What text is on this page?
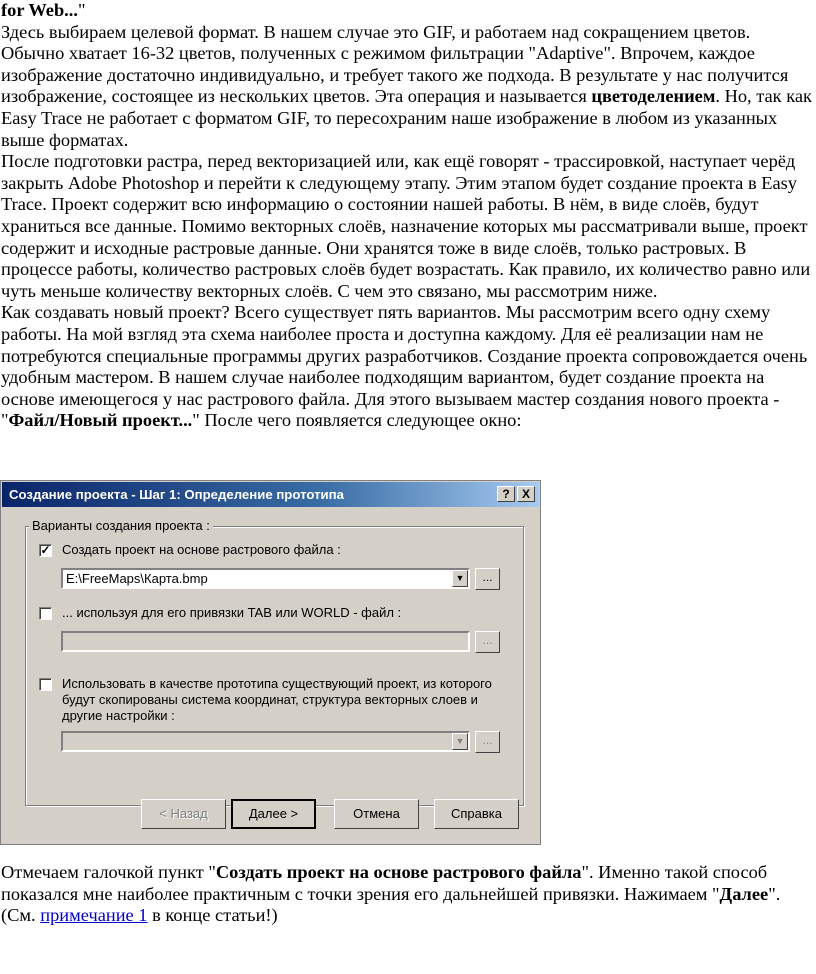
for Web..."

Здесь выбираем целевой формат. В нашем случае это GIF, и работаем над сокращением цветов. Обычно хватает 16-32 цветов, полученных с режимом фильтрации "Adaptive". Впрочем, каждое изображение достаточно индивидуально, и требует такого же подхода. В результате у нас получится изображение, состоящее из нескольких цветов. Эта операция и называется цветоделением. Но, так как Easy Trace не работает с форматом GIF, то пересохраним наше изображение в любом из указанных выше форматах.

После подготовки растра, перед векторизацией или, как ещё говорят - трассировкой, наступает черёд закрыть Adobe Photoshop и перейти к следующему этапу. Этим этапом будет создание проекта в Easy Trace. Проект содержит всю информацию о состоянии нашей работы. В нём, в виде слоёв, будут храниться все данные. Помимо векторных слоёв, назначение которых мы рассматривали выше, проект содержит и исходные растровые данные. Они хранятся тоже в виде слоёв, только растровых. В процессе работы, количество растровых слоёв будет возрастать. Как правило, их количество равно или чуть меньше количеству векторных слоёв. С чем это связано, мы рассмотрим ниже.

Как создавать новый проект? Всего существует пять вариантов. Мы рассмотрим всего одну схему работы. На мой взгляд эта схема наиболее проста и доступна каждому. Для её реализации нам не потребуются специальные программы других разработчиков. Создание проекта сопровождается очень удобным мастером. В нашем случае наиболее подходящим вариантом, будет создание проекта на основе имеющегося у нас растрового файла. Для этого вызываем мастер создания нового проекта - "Файл/Новый проект..." После чего появляется следующее окно:

Создание проекта - Шаг 1: Определение прототипа	?	X
Варианты создания проекта :
✓ Создать проект на основе растрового файла :
E:\FreeMaps\Карта.bmp	▼	...
... используя для его привязки TAB или WORLD - файл :
...
Использовать в качестве прототипа существующий проект, из которого
будут скопированы система координат, структура векторных слоев и
другие настройки :
▼	...
< Назад	Далее >	Отмена	Справка

Отмечаем галочкой пункт "Создать проект на основе растрового файла". Именно такой способ показался мне наиболее практичным с точки зрения его дальнейшей привязки. Нажимаем "Далее". (См. примечание 1 в конце статьи!)
